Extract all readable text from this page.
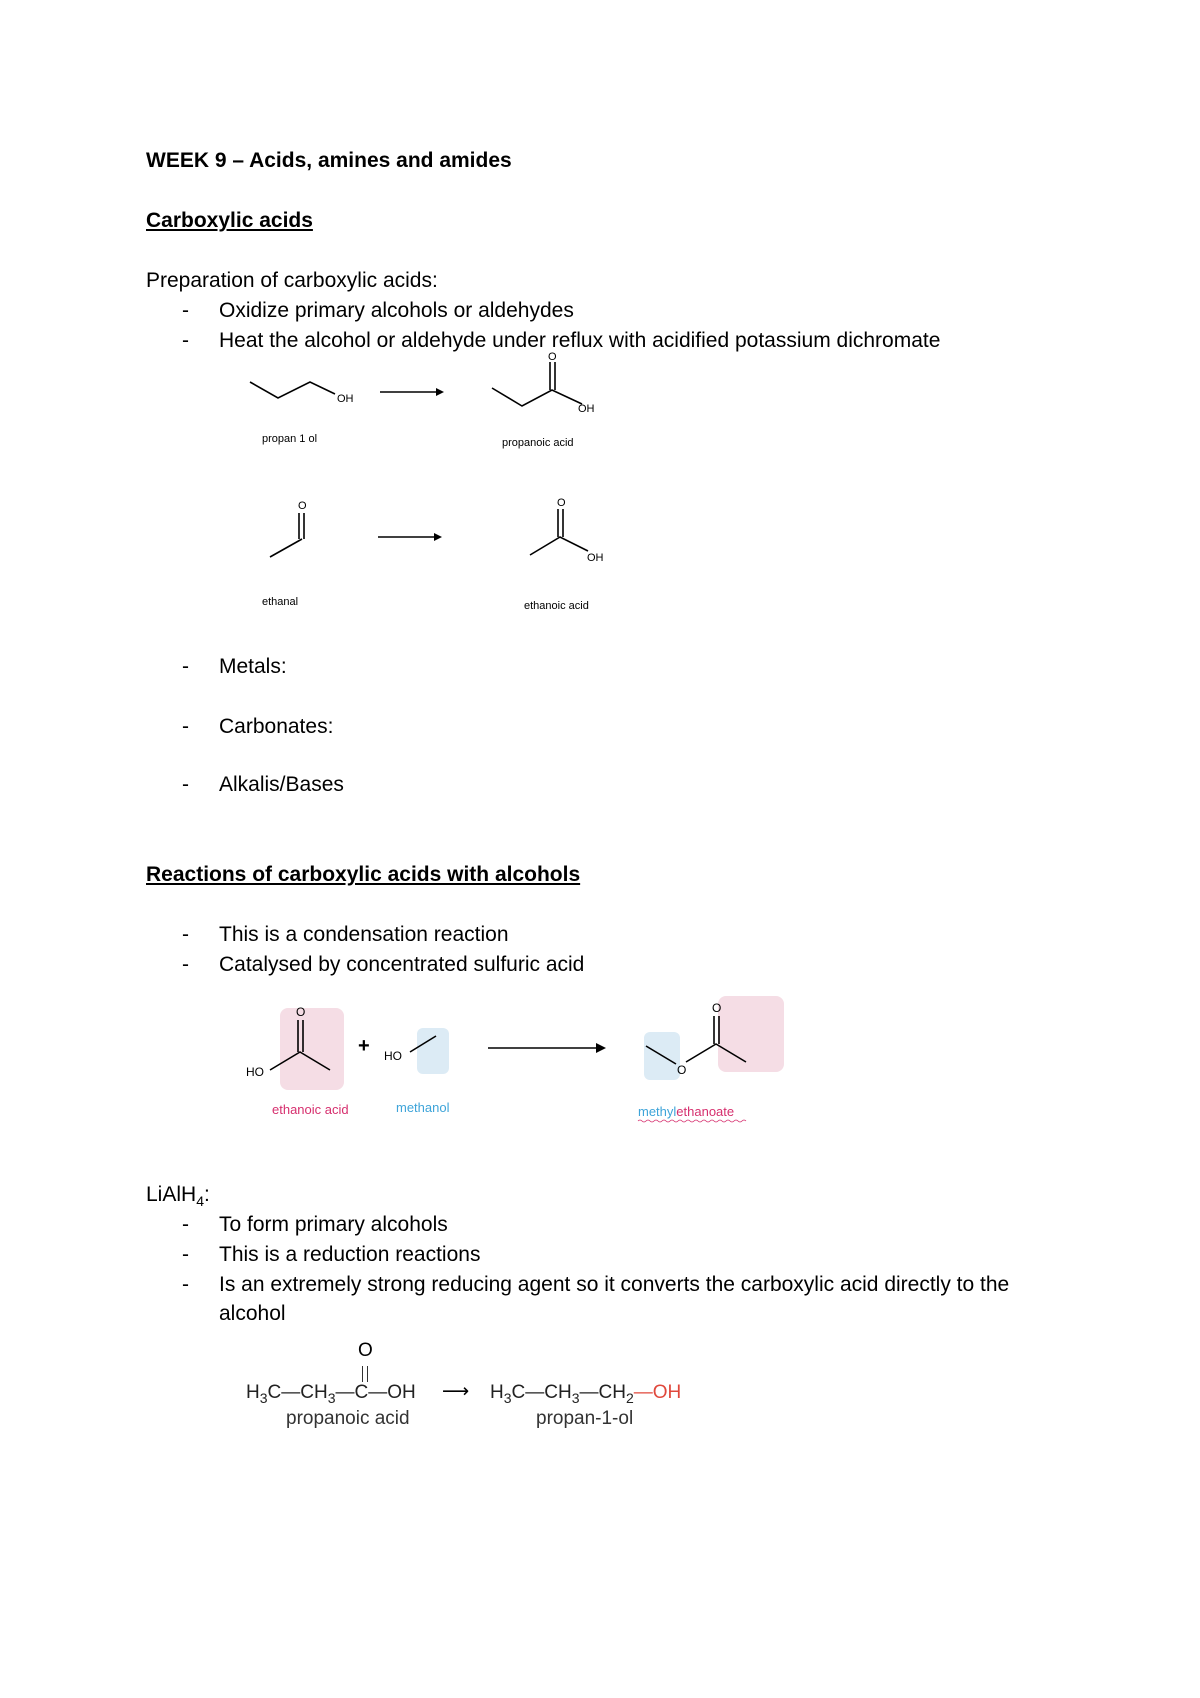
WEEK 9 – Acids, amines and amides
Carboxylic acids
Preparation of carboxylic acids:
- Oxidize primary alcohols or aldehydes
- Heat the alcohol or aldehyde under reflux with acidified potassium dichromate
OH
O
OH
propan 1 ol	propanoic acid
O	O
OH
ethanal	ethanoic acid
- Metals:
- Carbonates:
- Alkalis/Bases
Reactions of carboxylic acids with alcohols
- This is a condensation reaction
- Catalysed by concentrated sulfuric acid
O
HO
+ HO
O
O
ethanoic acid	methanol	methylethanoate
LiAlH$_4$:
- To form primary alcohols
- This is a reduction reactions
- Is an extremely strong reducing agent so it converts the carboxylic acid directly to the
alcohol
O
$H_3C—CH_3—C—OH$ ⟶ $H_3C—CH_3—CH_2—OH$
propanoic acid	propan-1-ol
